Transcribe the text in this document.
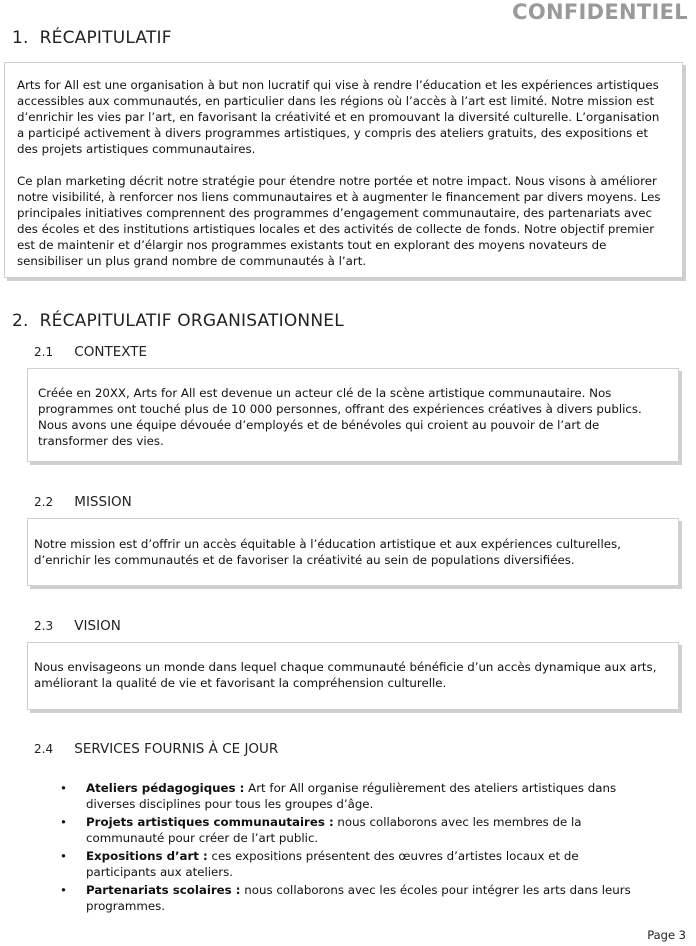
CONFIDENTIEL
1. RÉCAPITULATIF

Arts for All est une organisation à but non lucratif qui vise à rendre l’éducation et les expériences artistiques accessibles aux communautés, en particulier dans les régions où l’accès à l’art est limité. Notre mission est d’enrichir les vies par l’art, en favorisant la créativité et en promouvant la diversité culturelle. L’organisation a participé activement à divers programmes artistiques, y compris des ateliers gratuits, des expositions et des projets artistiques communautaires.

Ce plan marketing décrit notre stratégie pour étendre notre portée et notre impact. Nous visons à améliorer notre visibilité, à renforcer nos liens communautaires et à augmenter le financement par divers moyens. Les principales initiatives comprennent des programmes d’engagement communautaire, des partenariats avec des écoles et des institutions artistiques locales et des activités de collecte de fonds. Notre objectif premier est de maintenir et d’élargir nos programmes existants tout en explorant des moyens novateurs de sensibiliser un plus grand nombre de communautés à l’art.

2. RÉCAPITULATIF ORGANISATIONNEL
2.1 CONTEXTE

Créée en 20XX, Arts for All est devenue un acteur clé de la scène artistique communautaire. Nos programmes ont touché plus de 10 000 personnes, offrant des expériences créatives à divers publics. Nous avons une équipe dévouée d’employés et de bénévoles qui croient au pouvoir de l’art de transformer des vies.

2.2 MISSION

Notre mission est d’offrir un accès équitable à l’éducation artistique et aux expériences culturelles, d’enrichir les communautés et de favoriser la créativité au sein de populations diversifiées.

2.3 VISION

Nous envisageons un monde dans lequel chaque communauté bénéficie d’un accès dynamique aux arts, améliorant la qualité de vie et favorisant la compréhension culturelle.

2.4 SERVICES FOURNIS À CE JOUR
• Ateliers pédagogiques : Art for All organise régulièrement des ateliers artistiques dans diverses disciplines pour tous les groupes d’âge.
• Projets artistiques communautaires : nous collaborons avec les membres de la communauté pour créer de l’art public.
• Expositions d’art : ces expositions présentent des œuvres d’artistes locaux et de participants aux ateliers.
• Partenariats scolaires : nous collaborons avec les écoles pour intégrer les arts dans leurs programmes.
Page 3
